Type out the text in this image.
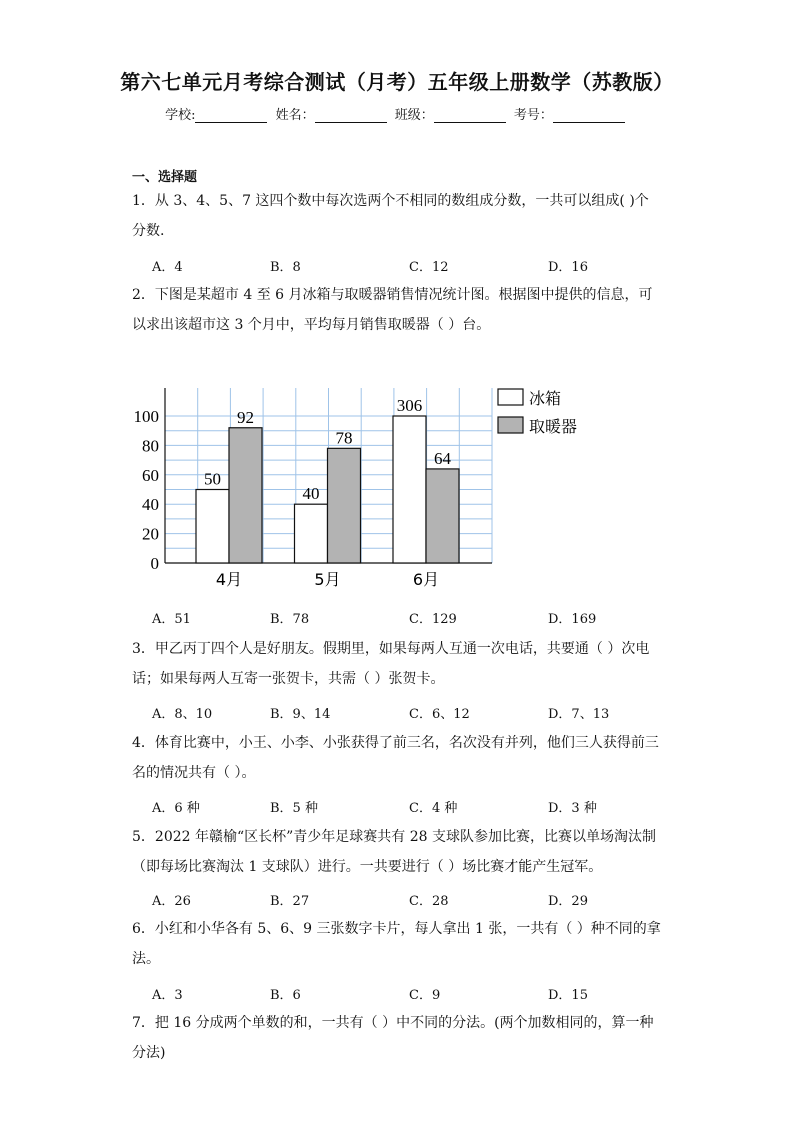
第六七单元月考综合测试（月考）五年级上册数学（苏教版）
学校:	姓名：	班级：	考号：
一、选择题
1．从 3、4、5、7 这四个数中每次选两个不相同的数组成分数，一共可以组成( )个分数.
A．4	B．8	C．12	D．16
2．下图是某超市 4 至 6 月冰箱与取暖器销售情况统计图。根据图中提供的信息，可以求出该超市这 3 个月中，平均每月销售取暖器（ ）台。
0
20
40
60
80
100
50
92
40
78
306
64
4月	5月	6月
冰箱
取暖器
A．51	B．78	C．129	D．169
3．甲乙丙丁四个人是好朋友。假期里，如果每两人互通一次电话，共要通（ ）次电话；如果每两人互寄一张贺卡，共需（ ）张贺卡。
A．8、10	B．9、14	C．6、12	D．7、13
4．体育比赛中，小王、小李、小张获得了前三名，名次没有并列，他们三人获得前三名的情况共有（ ）。
A．6 种	B．5 种	C．4 种	D．3 种
5．2022 年赣榆“区长杯”青少年足球赛共有 28 支球队参加比赛，比赛以单场淘汰制（即每场比赛淘汰 1 支球队）进行。一共要进行（ ）场比赛才能产生冠军。
A．26	B．27	C．28	D．29
6．小红和小华各有 5、6、9 三张数字卡片，每人拿出 1 张，一共有（ ）种不同的拿法。
A．3	B．6	C．9	D．15
7．把 16 分成两个单数的和，一共有（ ）中不同的分法。(两个加数相同的，算一种分法)
